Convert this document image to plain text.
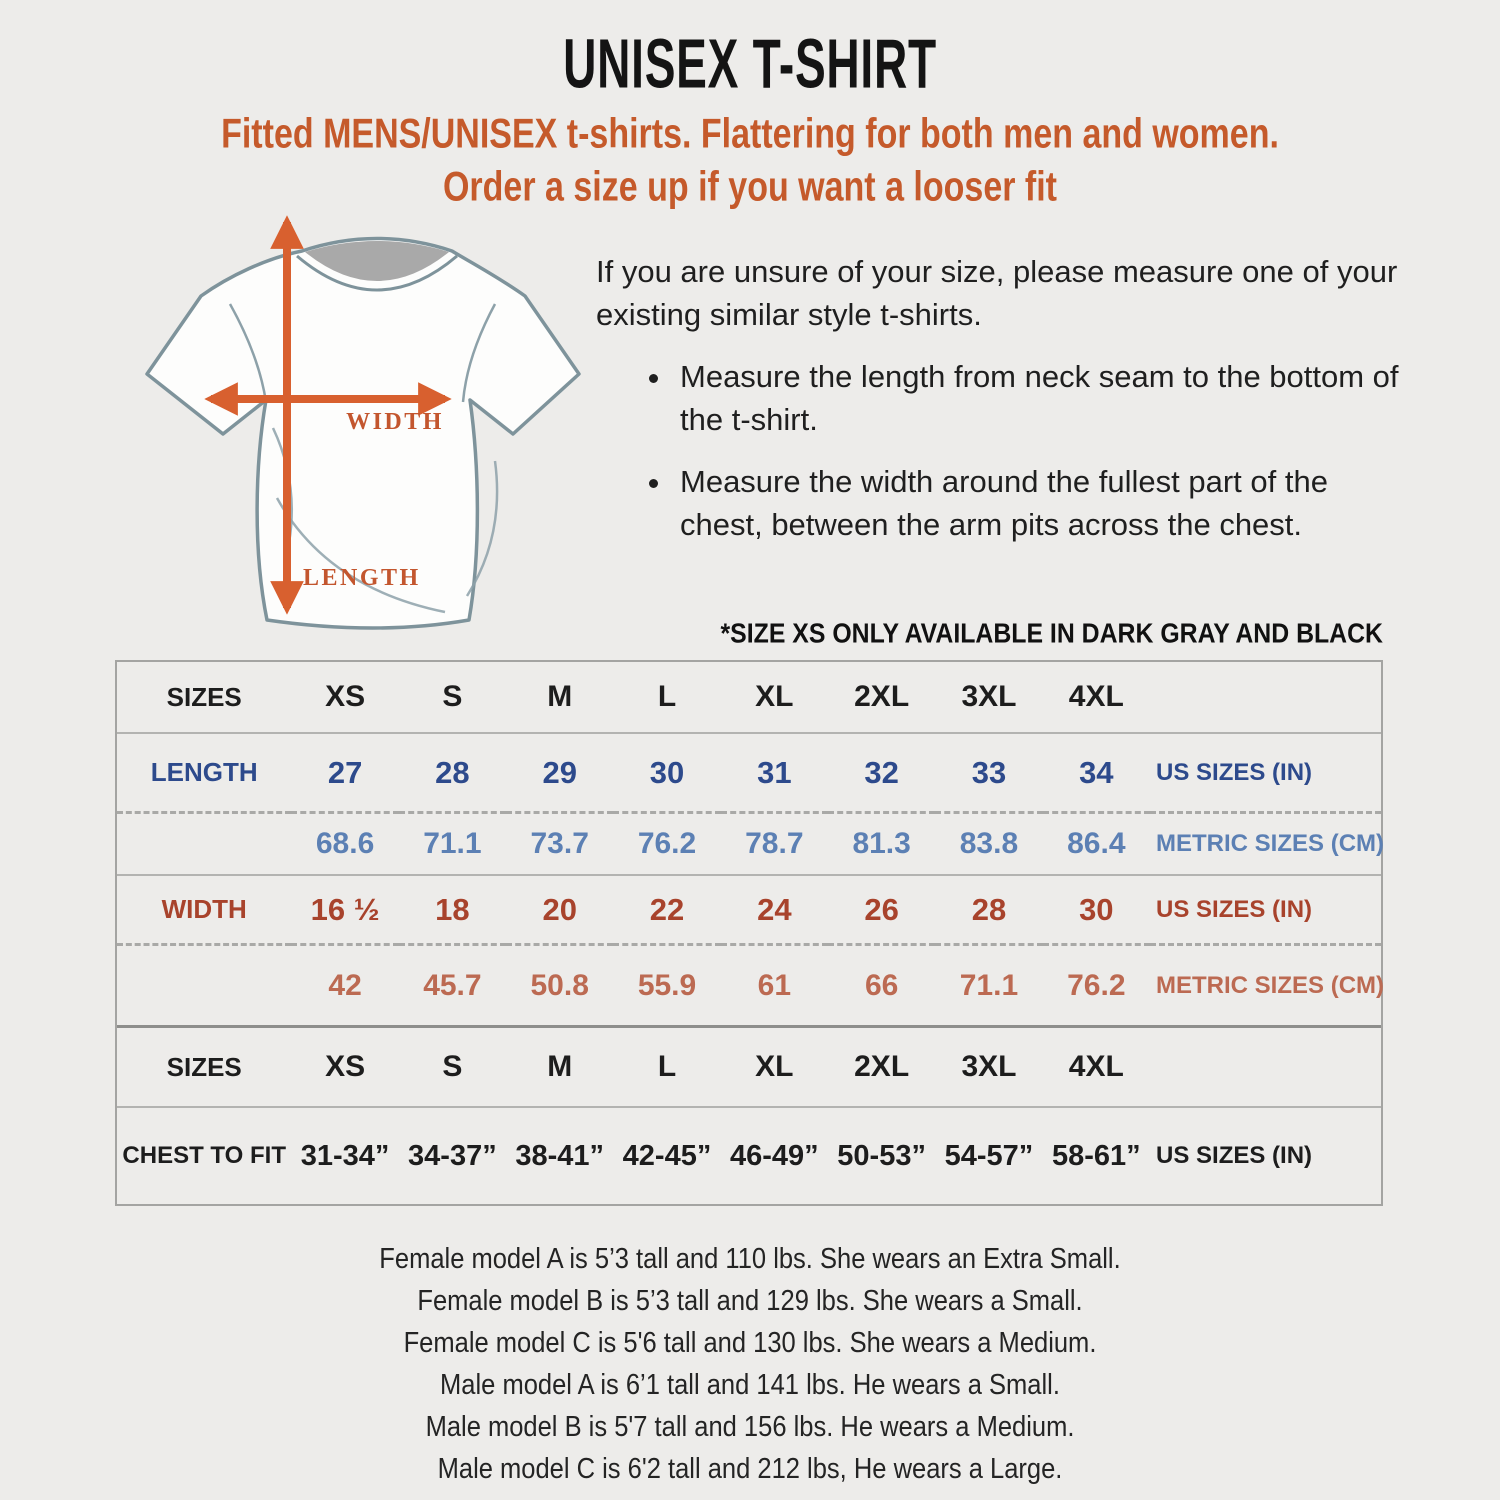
UNISEX T-SHIRT
Fitted MENS/UNISEX t-shirts. Flattering for both men and women.
Order a size up if you want a looser fit
WIDTH
LENGTH

If you are unsure of your size, please measure one of your existing similar style t-shirts.

• Measure the length from neck seam to the bottom of the t-shirt.
• Measure the width around the fullest part of the chest, between the arm pits across the chest.
*SIZE XS ONLY AVAILABLE IN DARK GRAY AND BLACK
SIZES	XS	S	M	L	XL	2XL	3XL	4XL	
LENGTH	27	28	29	30	31	32	33	34	US SIZES (IN)
	68.6	71.1	73.7	76.2	78.7	81.3	83.8	86.4	METRIC SIZES (CM)
WIDTH	16 ½	18	20	22	24	26	28	30	US SIZES (IN)
	42	45.7	50.8	55.9	61	66	71.1	76.2	METRIC SIZES (CM)
SIZES	XS	S	M	L	XL	2XL	3XL	4XL	
CHEST TO FIT	31-34”	34-37”	38-41”	42-45”	46-49”	50-53”	54-57”	58-61”	US SIZES (IN)
Female model A is 5’3 tall and 110 lbs. She wears an Extra Small.
Female model B is 5’3 tall and 129 lbs. She wears a Small.
Female model C is 5'6 tall and 130 lbs. She wears a Medium.
Male model A is 6’1 tall and 141 lbs. He wears a Small.
Male model B is 5'7 tall and 156 lbs. He wears a Medium.
Male model C is 6'2 tall and 212 lbs, He wears a Large.
